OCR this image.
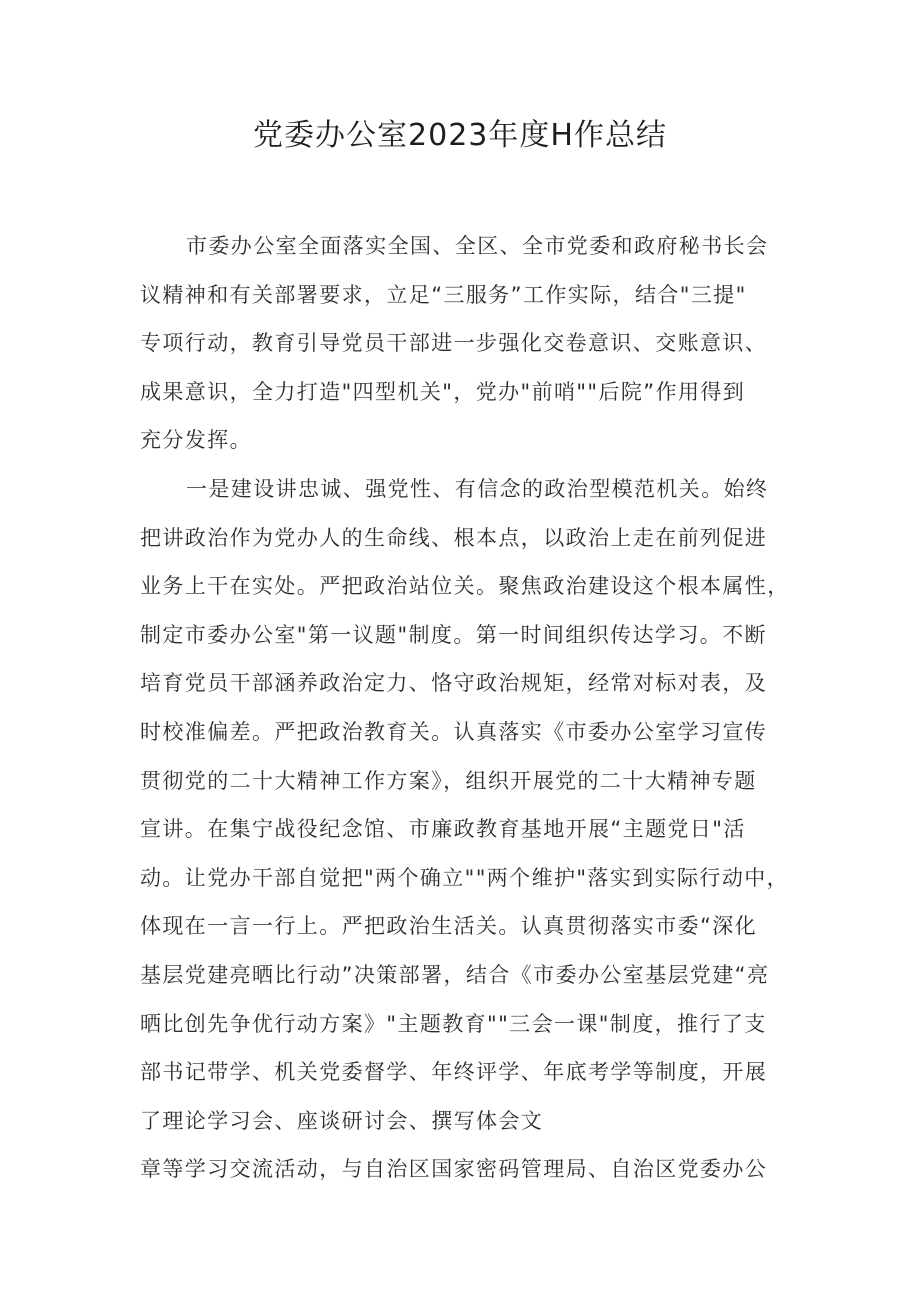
党委办公室2023年度H作总结
市委办公室全面落实全国、全区、全市党委和政府秘书长会
议精神和有关部署要求，立足“三服务”工作实际，结合"三提"
专项行动，教育引导党员干部进一步强化交卷意识、交账意识、
成果意识，全力打造"四型机关"，党办"前哨""后院”作用得到
充分发挥。
一是建设讲忠诚、强党性、有信念的政治型模范机关。始终
把讲政治作为党办人的生命线、根本点，以政治上走在前列促进
业务上干在实处。严把政治站位关。聚焦政治建设这个根本属性，
制定市委办公室"第一议题"制度。第一时间组织传达学习。不断
培育党员干部涵养政治定力、恪守政治规矩，经常对标对表，及
时校准偏差。严把政治教育关。认真落实《市委办公室学习宣传
贯彻党的二十大精神工作方案》，组织开展党的二十大精神专题
宣讲。在集宁战役纪念馆、市廉政教育基地开展“主题党日"活
动。让党办干部自觉把"两个确立""两个维护"落实到实际行动中，
体现在一言一行上。严把政治生活关。认真贯彻落实市委“深化
基层党建亮晒比行动”决策部署，结合《市委办公室基层党建“亮
晒比创先争优行动方案》"主题教育""三会一课"制度，推行了支
部书记带学、机关党委督学、年终评学、年底考学等制度，开展
了理论学习会、座谈研讨会、撰写体会文
章等学习交流活动，与自治区国家密码管理局、自治区党委办公
